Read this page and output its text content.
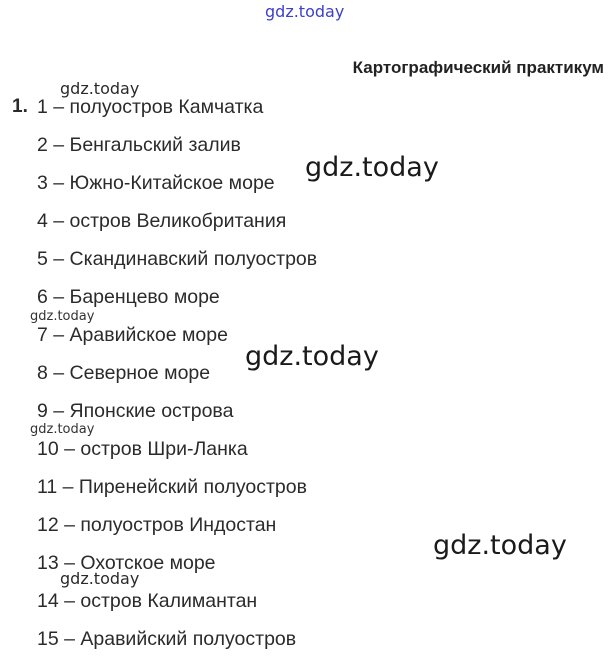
gdz.today
Картографический практикум
1. 1 – полуостров Камчатка
2 – Бенгальский залив
3 – Южно-Китайское море
4 – остров Великобритания
5 – Скандинавский полуостров
6 – Баренцево море
7 – Аравийское море
8 – Северное море
9 – Японские острова
10 – остров Шри-Ланка
11 – Пиренейский полуостров
12 – полуостров Индостан
13 – Охотское море
14 – остров Калимантан
15 – Аравийский полуостров
gdz.today
gdz.today
gdz.today
gdz.today
gdz.today
gdz.today
gdz.today
